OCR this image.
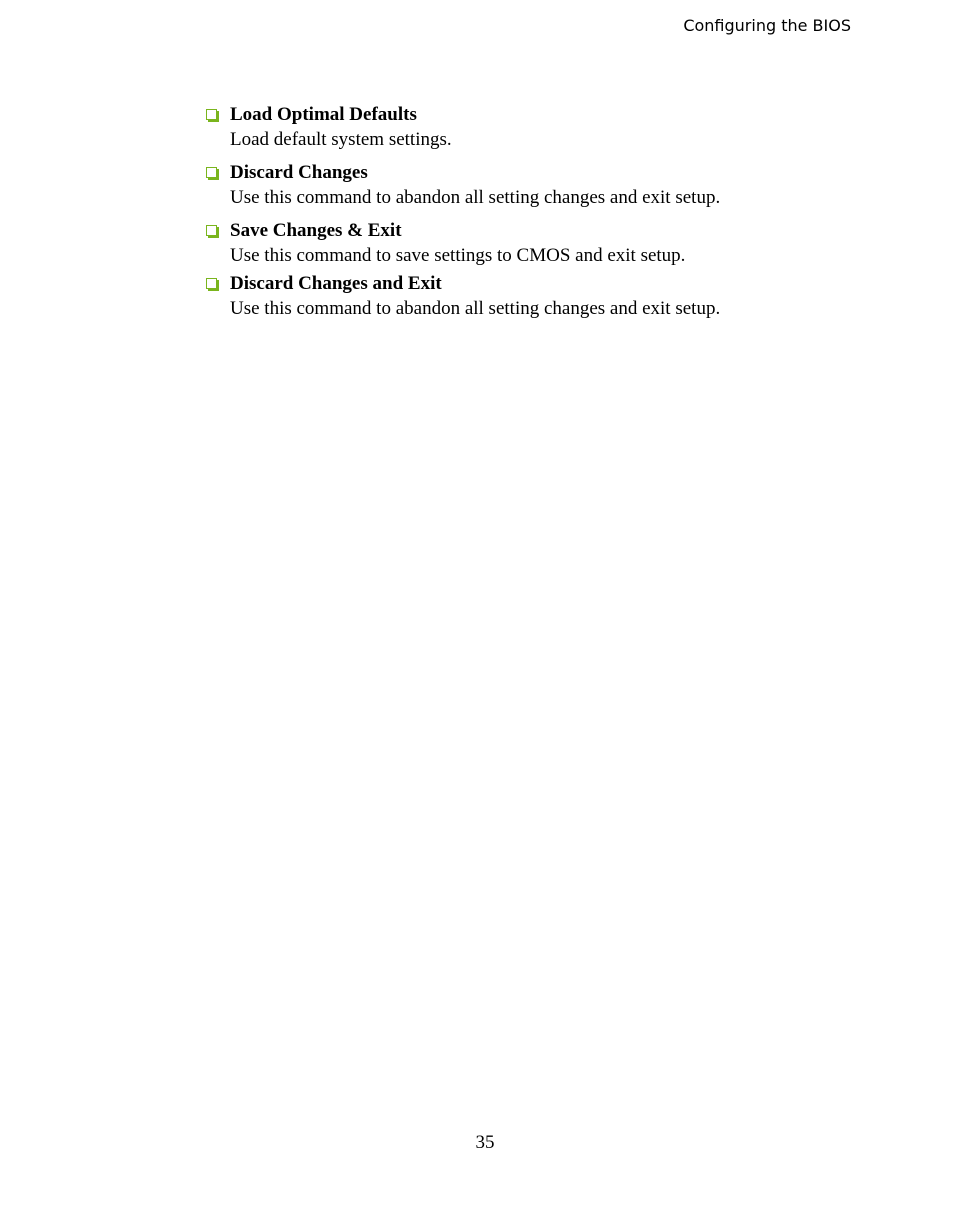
Configuring the BIOS
Load Optimal Defaults
Load default system settings.
Discard Changes
Use this command to abandon all setting changes and exit setup.
Save Changes & Exit
Use this command to save settings to CMOS and exit setup.
Discard Changes and Exit
Use this command to abandon all setting changes and exit setup.
35
